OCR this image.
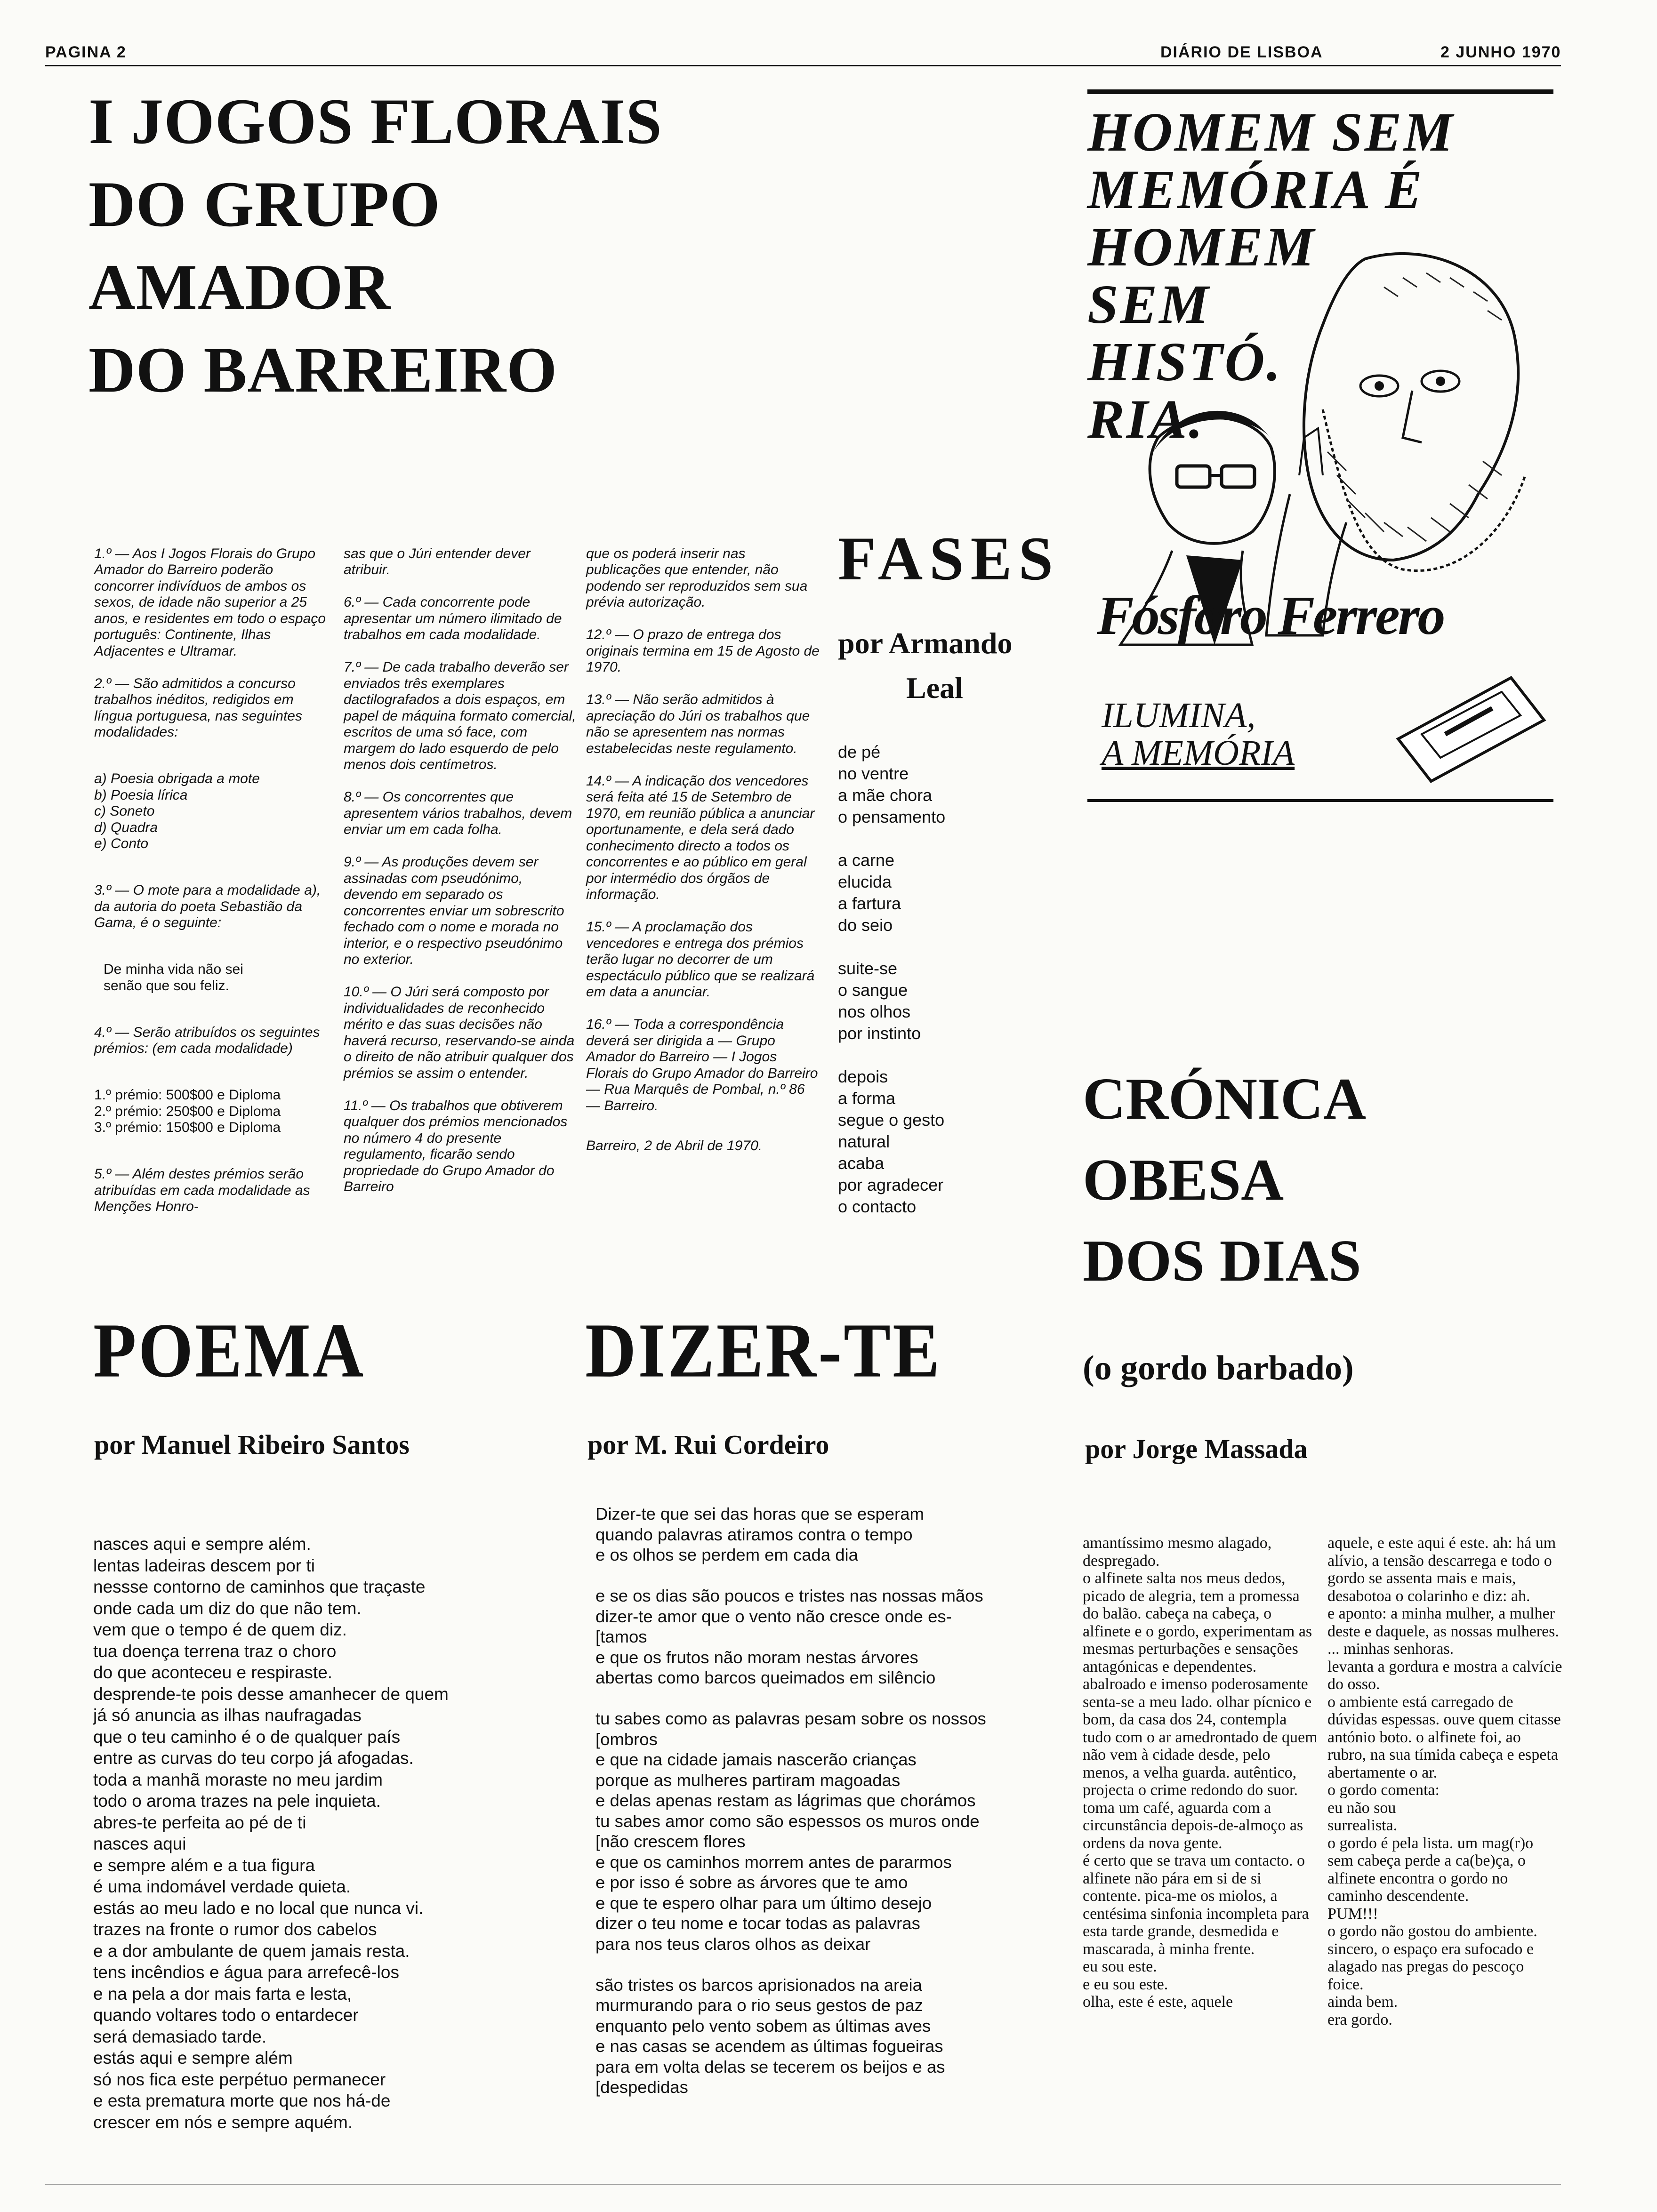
PAGINA 2	DIÁRIO DE LISBOA	2 JUNHO 1970
I JOGOS FLORAIS
DO GRUPO
AMADOR
DO BARREIRO

1.º — Aos I Jogos Florais do Grupo Amador do Barreiro poderão concorrer indivíduos de ambos os sexos, de idade não superior a 25 anos, e residentes em todo o espaço português: Continente, Ilhas Adjacentes e Ultramar.

2.º — São admitidos a concurso trabalhos inéditos, redigidos em língua portuguesa, nas seguintes modalidades:

a) Poesia obrigada a mote
b) Poesia lírica
c) Soneto
d) Quadra
e) Conto

3.º — O mote para a modalidade a), da autoria do poeta Sebastião da Gama, é o seguinte:

De minha vida não sei
senão que sou feliz.

4.º — Serão atribuídos os seguintes prémios: (em cada modalidade)

1.º prémio: 500$00 e Diploma
2.º prémio: 250$00 e Diploma
3.º prémio: 150$00 e Diploma

5.º — Além destes prémios serão atribuídas em cada modalidade as Menções Honro-

sas que o Júri entender dever atribuir.

6.º — Cada concorrente pode apresentar um número ilimitado de trabalhos em cada modalidade.

7.º — De cada trabalho deverão ser enviados três exemplares dactilografados a dois espaços, em papel de máquina formato comercial, escritos de uma só face, com margem do lado esquerdo de pelo menos dois centímetros.

8.º — Os concorrentes que apresentem vários trabalhos, devem enviar um em cada folha.

9.º — As produções devem ser assinadas com pseudónimo, devendo em separado os concorrentes enviar um sobrescrito fechado com o nome e morada no interior, e o respectivo pseudónimo no exterior.

10.º — O Júri será composto por individualidades de reconhecido mérito e das suas decisões não haverá recurso, reservando-se ainda o direito de não atribuir qualquer dos prémios se assim o entender.

11.º — Os trabalhos que obtiverem qualquer dos prémios mencionados no número 4 do presente regulamento, ficarão sendo propriedade do Grupo Amador do Barreiro

que os poderá inserir nas publicações que entender, não podendo ser reproduzidos sem sua prévia autorização.

12.º — O prazo de entrega dos originais termina em 15 de Agosto de 1970.

13.º — Não serão admitidos à apreciação do Júri os trabalhos que não se apresentem nas normas estabelecidas neste regulamento.

14.º — A indicação dos vencedores será feita até 15 de Setembro de 1970, em reunião pública a anunciar oportunamente, e dela será dado conhecimento directo a todos os concorrentes e ao público em geral por intermédio dos órgãos de informação.

15.º — A proclamação dos vencedores e entrega dos prémios terão lugar no decorrer de um espectáculo público que se realizará em data a anunciar.

16.º — Toda a correspondência deverá ser dirigida a — Grupo Amador do Barreiro — I Jogos Florais do Grupo Amador do Barreiro — Rua Marquês de Pombal, n.º 86 — Barreiro.

Barreiro, 2 de Abril de 1970.

FASES
por Armando
Leal
de pé
no ventre
a mãe chora
o pensamento

a carne
elucida
a fartura
do seio

suite-se
o sangue
nos olhos
por instinto

depois
a forma
segue o gesto
natural
acaba
por agradecer
o contacto
HOMEM SEM
MEMÓRIA É
HOMEM
SEM
HISTÓ.
RIA.
Fósforo Ferrero
ILUMINA,
A MEMÓRIA
CRÓNICA
OBESA
DOS DIAS
(o gordo barbado)
POEMA	DIZER-TE
por Manuel Ribeiro Santos	por M. Rui Cordeiro	por Jorge Massada
nasces aqui e sempre além.
lentas ladeiras descem por ti
nessse contorno de caminhos que traçaste
onde cada um diz do que não tem.
vem que o tempo é de quem diz.
tua doença terrena traz o choro
do que aconteceu e respiraste.
desprende-te pois desse amanhecer de quem
já só anuncia as ilhas naufragadas
que o teu caminho é o de qualquer país
entre as curvas do teu corpo já afogadas.
toda a manhã moraste no meu jardim
todo o aroma trazes na pele inquieta.
abres-te perfeita ao pé de ti
nasces aqui
e sempre além e a tua figura
é uma indomável verdade quieta.
estás ao meu lado e no local que nunca vi.
trazes na fronte o rumor dos cabelos
e a dor ambulante de quem jamais resta.
tens incêndios e água para arrefecê-los
e na pela a dor mais farta e lesta,
quando voltares todo o entardecer
será demasiado tarde.
estás aqui e sempre além
só nos fica este perpétuo permanecer
e esta prematura morte que nos há-de
crescer em nós e sempre aquém.
Dizer-te que sei das horas que se esperam
quando palavras atiramos contra o tempo
e os olhos se perdem em cada dia

e se os dias são poucos e tristes nas nossas mãos
dizer-te amor que o vento não cresce onde es-
[tamos
e que os frutos não moram nestas árvores
abertas como barcos queimados em silêncio

tu sabes como as palavras pesam sobre os nossos
[ombros
e que na cidade jamais nascerão crianças
porque as mulheres partiram magoadas
e delas apenas restam as lágrimas que chorámos
tu sabes amor como são espessos os muros onde
[não crescem flores
e que os caminhos morrem antes de pararmos
e por isso é sobre as árvores que te amo
e que te espero olhar para um último desejo
dizer o teu nome e tocar todas as palavras
para nos teus claros olhos as deixar

são tristes os barcos aprisionados na areia
murmurando para o rio seus gestos de paz
enquanto pelo vento sobem as últimas aves
e nas casas se acendem as últimas fogueiras
para em volta delas se tecerem os beijos e as
[despedidas
amantíssimo mesmo alagado, despregado.
o alfinete salta nos meus dedos, picado de alegria, tem a promessa do balão. cabeça na cabeça, o alfinete e o gordo, experimentam as mesmas perturbações e sensações antagónicas e dependentes. abalroado e imenso poderosamente senta-se a meu lado. olhar pícnico e bom, da casa dos 24, contempla tudo com o ar amedrontado de quem não vem à cidade desde, pelo menos, a velha guarda. autêntico, projecta o crime redondo do suor. toma um café, aguarda com a circunstância depois-de-almoço as ordens da nova gente.
é certo que se trava um contacto. o alfinete não pára em si de si contente. pica-me os miolos, a centésima sinfonia incompleta para esta tarde grande, desmedida e mascarada, à minha frente.
eu sou este.
e eu sou este.
olha, este é este, aquele
aquele, e este aqui é este. ah: há um alívio, a tensão descarrega e todo o gordo se assenta mais e mais, desabotoa o colarinho e diz: ah.
e aponto: a minha mulher, a mulher deste e daquele, as nossas mulheres.
... minhas senhoras.
levanta a gordura e mostra a calvície do osso.
o ambiente está carregado de dúvidas espessas. ouve quem citasse antónio boto. o alfinete foi, ao rubro, na sua tímida cabeça e espeta abertamente o ar.
o gordo comenta:
eu não sou
surrealista.
o gordo é pela lista. um mag(r)o sem cabeça perde a ca(be)ça, o alfinete encontra o gordo no caminho descendente.
PUM!!!
o gordo não gostou do ambiente.
sincero, o espaço era sufocado e alagado nas pregas do pescoço foice.
ainda bem.
era gordo.
